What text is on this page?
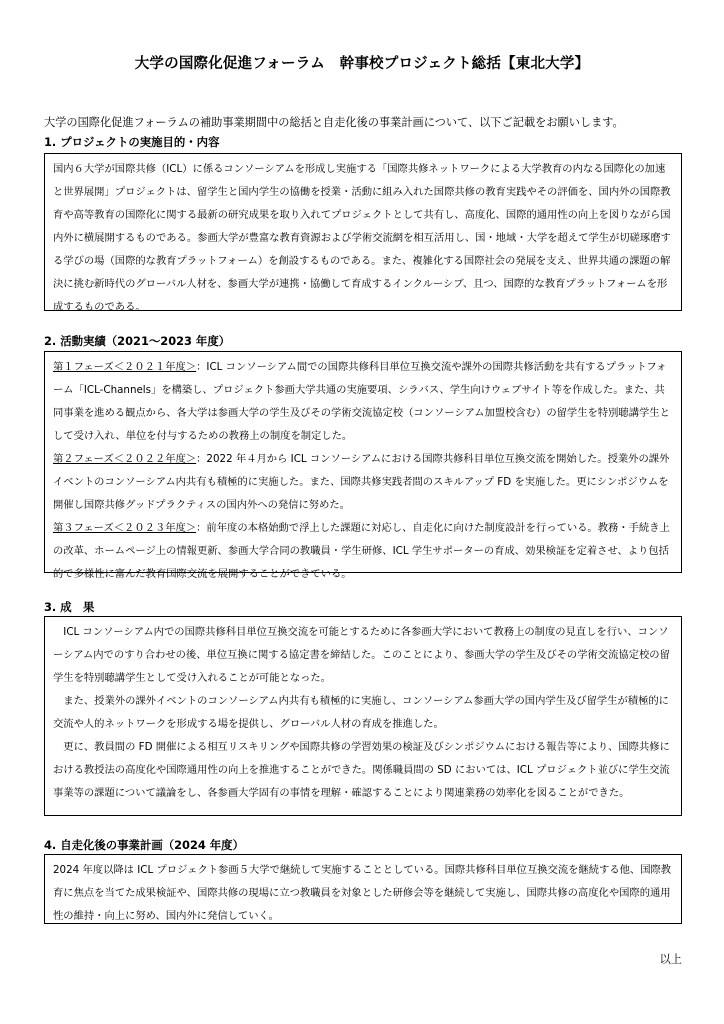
大学の国際化促進フォーラム　幹事校プロジェクト総括【東北大学】
大学の国際化促進フォーラムの補助事業期間中の総括と自走化後の事業計画について、以下ご記載をお願いします。
1. プロジェクトの実施目的・内容

国内６大学が国際共修（ICL）に係るコンソーシアムを形成し実施する「国際共修ネットワークによる大学教育の内なる国際化の加速と世界展開」プロジェクトは、留学生と国内学生の協働を授業・活動に組み入れた国際共修の教育実践やその評価を、国内外の国際教育や高等教育の国際化に関する最新の研究成果を取り入れてプロジェクトとして共有し、高度化、国際的通用性の向上を図りながら国内外に横展開するものである。参画大学が豊富な教育資源および学術交流網を相互活用し、国・地域・大学を超えて学生が切磋琢磨する学びの場（国際的な教育プラットフォーム）を創設するものである。また、複雑化する国際社会の発展を支え、世界共通の課題の解決に挑む新時代のグローバル人材を、参画大学が連携・協働して育成するインクルーシブ、且つ、国際的な教育プラットフォームを形成するものである。

2. 活動実績（2021～2023 年度）

第１フェーズ＜２０２１年度＞：ICL コンソーシアム間での国際共修科目単位互換交流や課外の国際共修活動を共有するプラットフォーム「ICL-Channels」を構築し、プロジェクト参画大学共通の実施要項、シラバス、学生向けウェブサイト等を作成した。また、共同事業を進める観点から、各大学は参画大学の学生及びその学術交流協定校（コンソーシアム加盟校含む）の留学生を特別聴講学生として受け入れ、単位を付与するための教務上の制度を制定した。

第２フェーズ＜２０２２年度＞：2022 年４月から ICL コンソーシアムにおける国際共修科目単位互換交流を開始した。授業外の課外イベントのコンソーシアム内共有も積極的に実施した。また、国際共修実践者間のスキルアップ FD を実施した。更にシンポジウムを開催し国際共修グッドプラクティスの国内外への発信に努めた。

第３フェーズ＜２０２３年度＞：前年度の本格始動で浮上した課題に対応し、自走化に向けた制度設計を行っている。教務・手続き上の改革、ホームページ上の情報更新、参画大学合同の教職員・学生研修、ICL 学生サポーターの育成、効果検証を定着させ、より包括的で多様性に富んだ教育国際交流を展開することができている。

3. 成　果

ICL コンソーシアム内での国際共修科目単位互換交流を可能とするために各参画大学において教務上の制度の見直しを行い、コンソーシアム内でのすり合わせの後、単位互換に関する協定書を締結した。このことにより、参画大学の学生及びその学術交流協定校の留学生を特別聴講学生として受け入れることが可能となった。

また、授業外の課外イベントのコンソーシアム内共有も積極的に実施し、コンソーシアム参画大学の国内学生及び留学生が積極的に交流や人的ネットワークを形成する場を提供し、グローバル人材の育成を推進した。

更に、教員間の FD 開催による相互リスキリングや国際共修の学習効果の検証及びシンポジウムにおける報告等により、国際共修における教授法の高度化や国際通用性の向上を推進することができた。関係職員間の SD においては、ICL プロジェクト並びに学生交流事業等の課題について議論をし、各参画大学固有の事情を理解・確認することにより関連業務の効率化を図ることができた。

4. 自走化後の事業計画（2024 年度）

2024 年度以降は ICL プロジェクト参画５大学で継続して実施することとしている。国際共修科目単位互換交流を継続する他、国際教育に焦点を当てた成果検証や、国際共修の現場に立つ教職員を対象とした研修会等を継続して実施し、国際共修の高度化や国際的通用性の維持・向上に努め、国内外に発信していく。

以上
